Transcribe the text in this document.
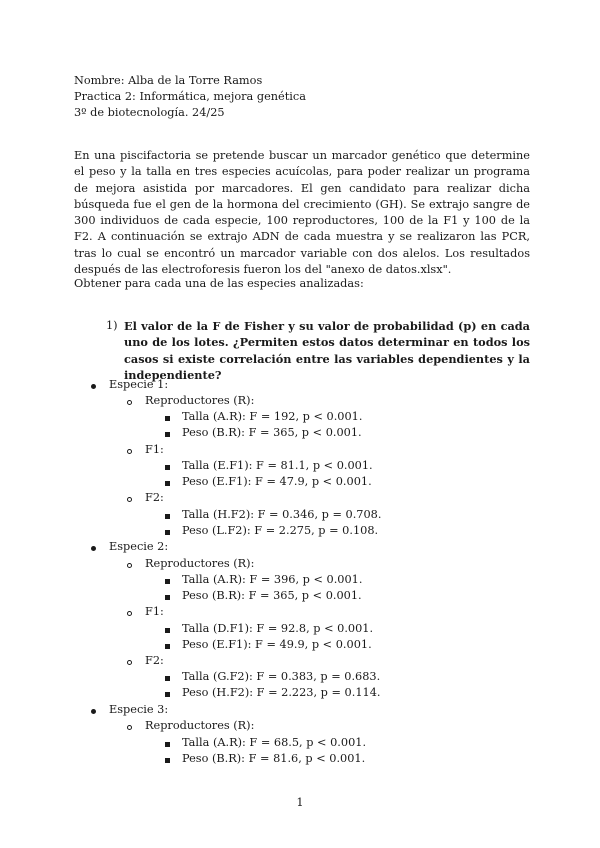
Nombre: Alba de la Torre Ramos
Practica 2: Informática, mejora genética
3º de biotecnología. 24/25

En una piscifactoria se pretende buscar un marcador genético que determine el peso y la talla en tres especies acuícolas, para poder realizar un programa de mejora asistida por marcadores. El gen candidato para realizar dicha búsqueda fue el gen de la hormona del crecimiento (GH). Se extrajo sangre de 300 individuos de cada especie, 100 reproductores, 100 de la F1 y 100 de la F2. A continuación se extrajo ADN de cada muestra y se realizaron las PCR, tras lo cual se encontró un marcador variable con dos alelos. Los resultados después de las electroforesis fueron los del "anexo de datos.xlsx".

Obtener para cada una de las especies analizadas:

1) El valor de la F de Fisher y su valor de probabilidad (p) en cada uno de los lotes. ¿Permiten estos datos determinar en todos los casos si existe correlación entre las variables dependientes y la independiente?

Especie 1:
Reproductores (R):
Talla (A.R): F = 192, p < 0.001.
Peso (B.R): F = 365, p < 0.001.
F1:
Talla (E.F1): F = 81.1, p < 0.001.
Peso (E.F1): F = 47.9, p < 0.001.
F2:
Talla (H.F2): F = 0.346, p = 0.708.
Peso (L.F2): F = 2.275, p = 0.108.
Especie 2:
Reproductores (R):
Talla (A.R): F = 396, p < 0.001.
Peso (B.R): F = 365, p < 0.001.
F1:
Talla (D.F1): F = 92.8, p < 0.001.
Peso (E.F1): F = 49.9, p < 0.001.
F2:
Talla (G.F2): F = 0.383, p = 0.683.
Peso (H.F2): F = 2.223, p = 0.114.
Especie 3:
Reproductores (R):
Talla (A.R): F = 68.5, p < 0.001.
Peso (B.R): F = 81.6, p < 0.001.
1
